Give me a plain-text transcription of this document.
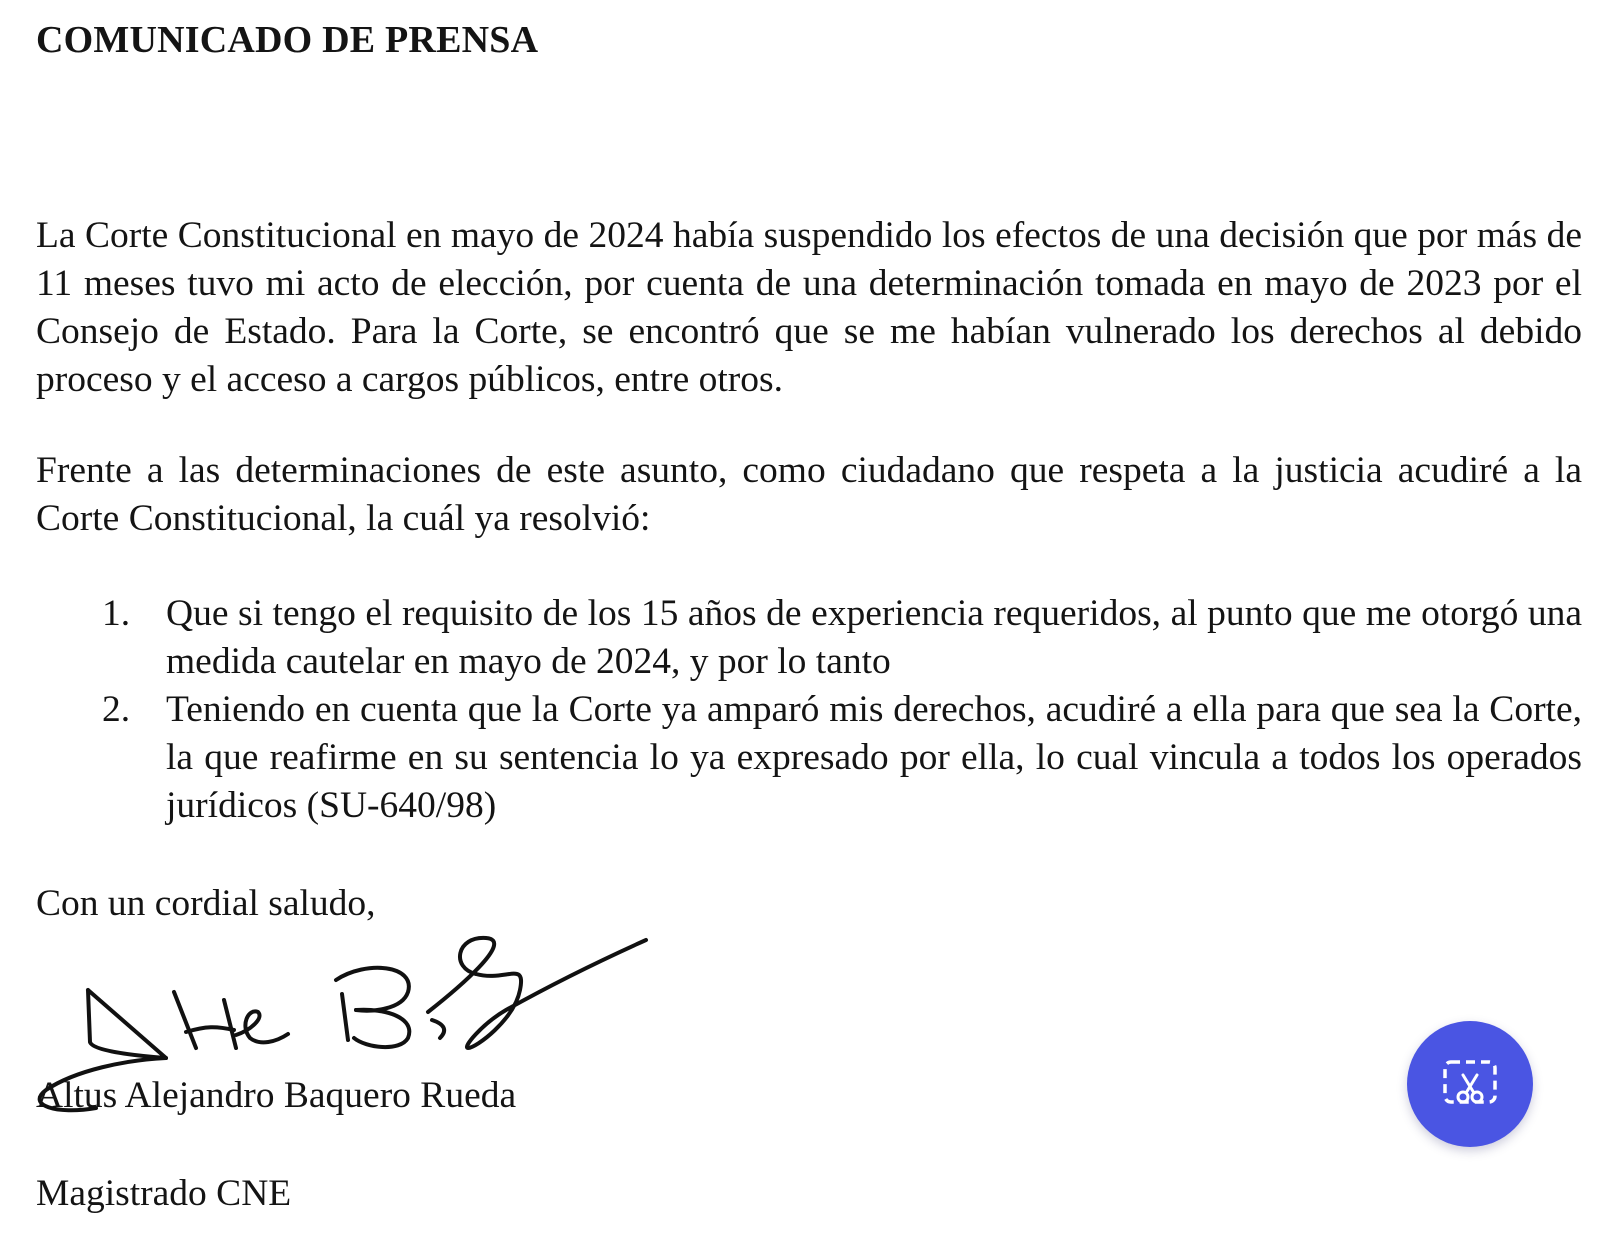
COMUNICADO DE PRENSA
La Corte Constitucional en mayo de 2024 había suspendido los efectos de una decisión que por más de 11 meses tuvo mi acto de elección, por cuenta de una determinación tomada en mayo de 2023 por el Consejo de Estado. Para la Corte, se encontró que se me habían vulnerado los derechos al debido proceso y el acceso a cargos públicos, entre otros.
Frente a las determinaciones de este asunto, como ciudadano que respeta a la justicia acudiré a la Corte Constitucional, la cuál ya resolvió:
1. Que si tengo el requisito de los 15 años de experiencia requeridos, al punto que me otorgó una medida cautelar en mayo de 2024, y por lo tanto
2. Teniendo en cuenta que la Corte ya amparó mis derechos, acudiré a ella para que sea la Corte, la que reafirme en su sentencia lo ya expresado por ella, lo cual vincula a todos los operados jurídicos (SU-640/98)
Con un cordial saludo,
Altus Alejandro Baquero Rueda
Magistrado CNE
